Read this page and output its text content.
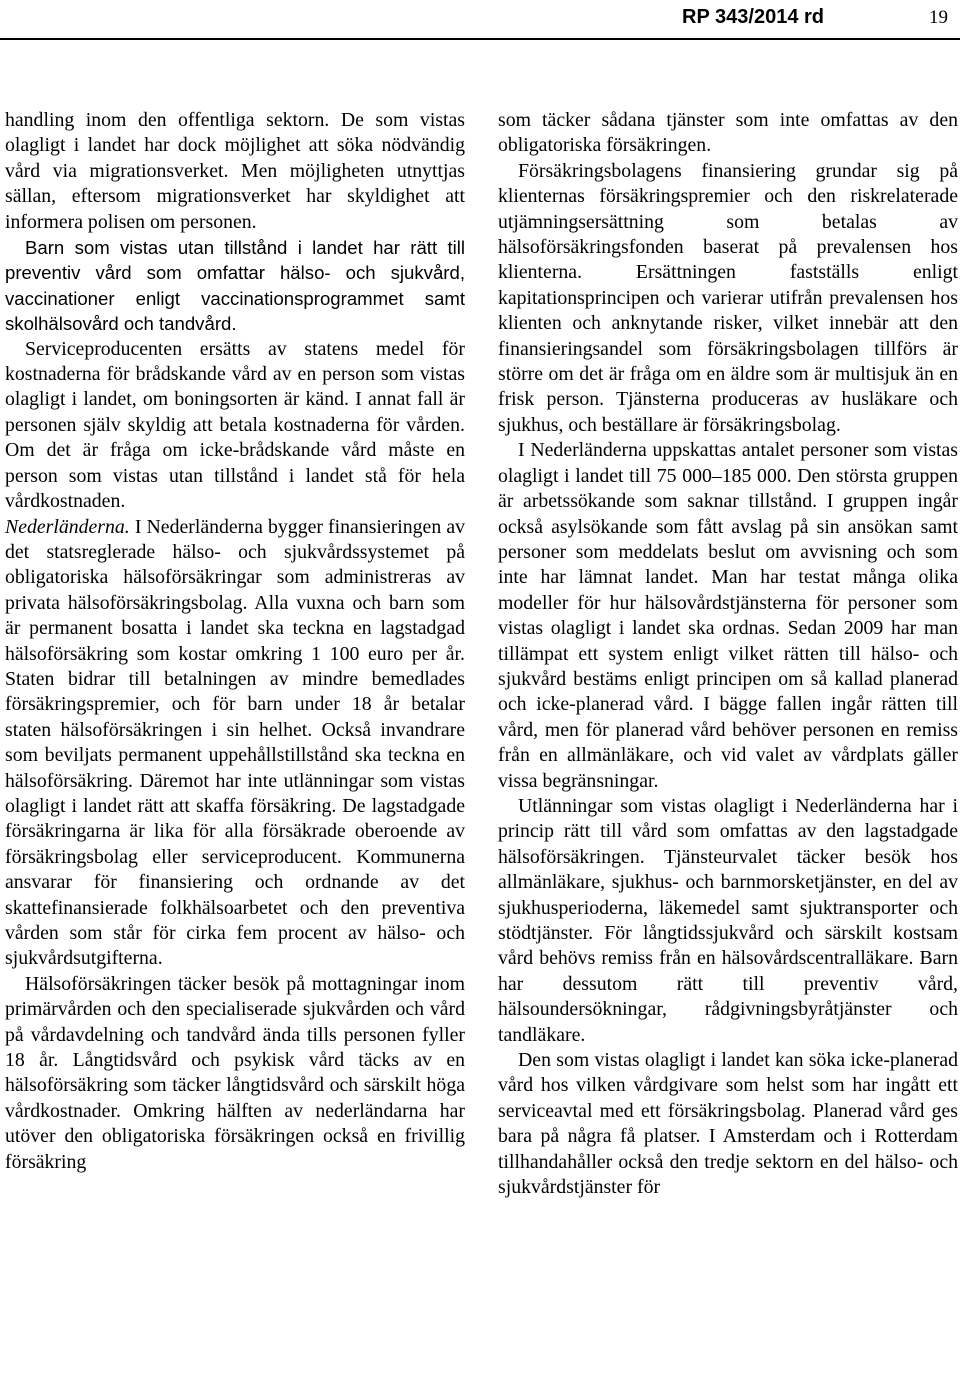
RP 343/2014 rd	19

handling inom den offentliga sektorn. De som vistas olagligt i landet har dock möjlighet att söka nödvändig vård via migrationsverket. Men möjligheten utnyttjas sällan, eftersom migrationsverket har skyldighet att informera polisen om personen.

Barn som vistas utan tillstånd i landet har rätt till preventiv vård som omfattar hälso- och sjukvård, vaccinationer enligt vaccinationsprogrammet samt skolhälsovård och tandvård.

Serviceproducenten ersätts av statens medel för kostnaderna för brådskande vård av en person som vistas olagligt i landet, om boningsorten är känd. I annat fall är personen själv skyldig att betala kostnaderna för vården. Om det är fråga om icke-brådskande vård måste en person som vistas utan tillstånd i landet stå för hela vårdkostnaden.

Nederländerna. I Nederländerna bygger finansieringen av det statsreglerade hälso- och sjukvårdssystemet på obligatoriska hälsoförsäkringar som administreras av privata hälsoförsäkringsbolag. Alla vuxna och barn som är permanent bosatta i landet ska teckna en lagstadgad hälsoförsäkring som kostar omkring 1 100 euro per år. Staten bidrar till betalningen av mindre bemedlades försäkringspremier, och för barn under 18 år betalar staten hälsoförsäkringen i sin helhet. Också invandrare som beviljats permanent uppehållstillstånd ska teckna en hälsoförsäkring. Däremot har inte utlänningar som vistas olagligt i landet rätt att skaffa försäkring. De lagstadgade försäkringarna är lika för alla försäkrade oberoende av försäkringsbolag eller serviceproducent. Kommunerna ansvarar för finansiering och ordnande av det skattefinansierade folkhälsoarbetet och den preventiva vården som står för cirka fem procent av hälso- och sjukvårdsutgifterna.

Hälsoförsäkringen täcker besök på mottagningar inom primärvården och den specialiserade sjukvården och vård på vårdavdelning och tandvård ända tills personen fyller 18 år. Långtidsvård och psykisk vård täcks av en hälsoförsäkring som täcker långtidsvård och särskilt höga vårdkostnader. Omkring hälften av nederländarna har utöver den obligatoriska försäkringen också en frivillig försäkring

som täcker sådana tjänster som inte omfattas av den obligatoriska försäkringen.

Försäkringsbolagens finansiering grundar sig på klienternas försäkringspremier och den riskrelaterade utjämningsersättning som betalas av hälsoförsäkringsfonden baserat på prevalensen hos klienterna. Ersättningen fastställs enligt kapitationsprincipen och varierar utifrån prevalensen hos klienten och anknytande risker, vilket innebär att den finansieringsandel som försäkringsbolagen tillförs är större om det är fråga om en äldre som är multisjuk än en frisk person. Tjänsterna produceras av husläkare och sjukhus, och beställare är försäkringsbolag.

I Nederländerna uppskattas antalet personer som vistas olagligt i landet till 75 000–185 000. Den största gruppen är arbetssökande som saknar tillstånd. I gruppen ingår också asylsökande som fått avslag på sin ansökan samt personer som meddelats beslut om avvisning och som inte har lämnat landet. Man har testat många olika modeller för hur hälsovårdstjänsterna för personer som vistas olagligt i landet ska ordnas. Sedan 2009 har man tillämpat ett system enligt vilket rätten till hälso- och sjukvård bestäms enligt principen om så kallad planerad och icke-planerad vård. I bägge fallen ingår rätten till vård, men för planerad vård behöver personen en remiss från en allmänläkare, och vid valet av vårdplats gäller vissa begränsningar.

Utlänningar som vistas olagligt i Nederländerna har i princip rätt till vård som omfattas av den lagstadgade hälsoförsäkringen. Tjänsteurvalet täcker besök hos allmänläkare, sjukhus- och barnmorsketjänster, en del av sjukhusperioderna, läkemedel samt sjuktransporter och stödtjänster. För långtidssjukvård och särskilt kostsam vård behövs remiss från en hälsovårdscentralläkare. Barn har dessutom rätt till preventiv vård, hälsoundersökningar, rådgivningsbyråtjänster och tandläkare.

Den som vistas olagligt i landet kan söka icke-planerad vård hos vilken vårdgivare som helst som har ingått ett serviceavtal med ett försäkringsbolag. Planerad vård ges bara på några få platser. I Amsterdam och i Rotterdam tillhandahåller också den tredje sektorn en del hälso- och sjukvårdstjänster för
